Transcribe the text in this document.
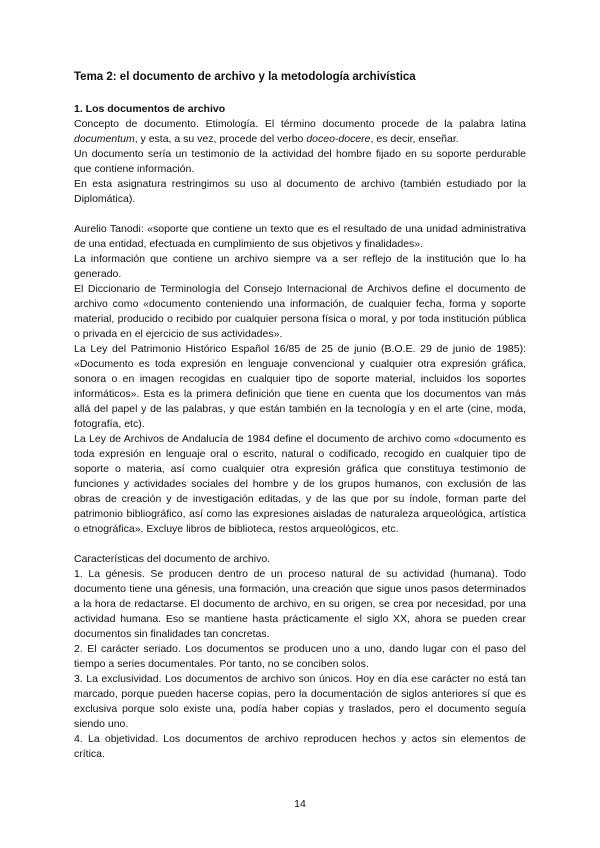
Tema 2: el documento de archivo y la metodología archivística
1. Los documentos de archivo

Concepto de documento. Etimología. El término documento procede de la palabra latina documentum, y esta, a su vez, procede del verbo doceo-docere, es decir, enseñar.

Un documento sería un testimonio de la actividad del hombre fijado en su soporte perdurable que contiene información.

En esta asignatura restringimos su uso al documento de archivo (también estudiado por la Diplomática).

Aurelio Tanodi: «soporte que contiene un texto que es el resultado de una unidad administrativa de una entidad, efectuada en cumplimiento de sus objetivos y finalidades».

La información que contiene un archivo siempre va a ser reflejo de la institución que lo ha generado.

El Diccionario de Terminología del Consejo Internacional de Archivos define el documento de archivo como «documento conteniendo una información, de cualquier fecha, forma y soporte material, producido o recibido por cualquier persona física o moral, y por toda institución pública o privada en el ejercicio de sus actividades».

La Ley del Patrimonio Histórico Español 16/85 de 25 de junio (B.O.E. 29 de junio de 1985): «Documento es toda expresión en lenguaje convencional y cualquier otra expresión gráfica, sonora o en imagen recogidas en cualquier tipo de soporte material, incluidos los soportes informáticos». Esta es la primera definición que tiene en cuenta que los documentos van más allá del papel y de las palabras, y que están también en la tecnología y en el arte (cine, moda, fotografía, etc).

La Ley de Archivos de Andalucía de 1984 define el documento de archivo como «documento es toda expresión en lenguaje oral o escrito, natural o codificado, recogido en cualquier tipo de soporte o materia, así como cualquier otra expresión gráfica que constituya testimonio de funciones y actividades sociales del hombre y de los grupos humanos, con exclusión de las obras de creación y de investigación editadas, y de las que por su índole, forman parte del patrimonio bibliográfico, así como las expresiones aisladas de naturaleza arqueológica, artística o etnográfica». Excluye libros de biblioteca, restos arqueológicos, etc.

Características del documento de archivo.

1. La génesis. Se producen dentro de un proceso natural de su actividad (humana). Todo documento tiene una génesis, una formación, una creación que sigue unos pasos determinados a la hora de redactarse. El documento de archivo, en su origen, se crea por necesidad, por una actividad humana. Eso se mantiene hasta prácticamente el siglo XX, ahora se pueden crear documentos sin finalidades tan concretas.

2. El carácter seriado. Los documentos se producen uno a uno, dando lugar con el paso del tiempo a series documentales. Por tanto, no se conciben solos.

3. La exclusividad. Los documentos de archivo son únicos. Hoy en día ese carácter no está tan marcado, porque pueden hacerse copias, pero la documentación de siglos anteriores sí que es exclusiva porque solo existe una, podía haber copias y traslados, pero el documento seguía siendo uno.

4. La objetividad. Los documentos de archivo reproducen hechos y actos sin elementos de crítica.

14
